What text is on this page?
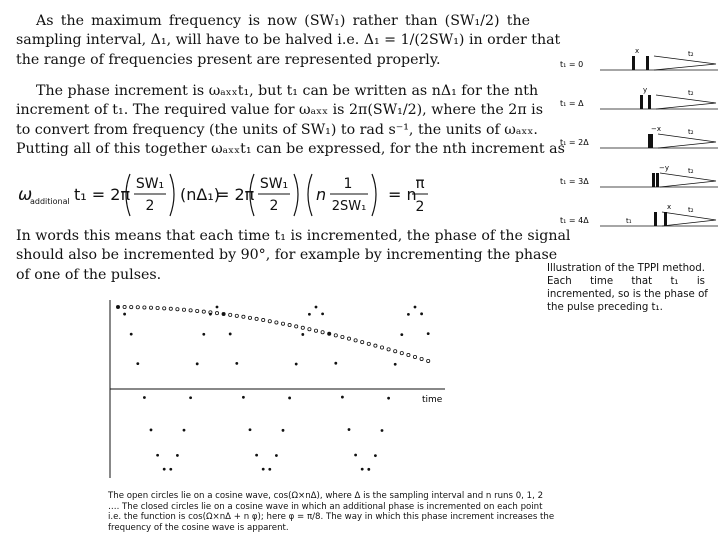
As the maximum frequency is now (SW₁) rather than (SW₁/2) the
sampling interval, Δ₁, will have to be halved i.e. Δ₁ = 1/(2SW₁) in order that
the range of frequencies present are represented properly.
The phase increment is ωₐₓₓt₁, but t₁ can be written as nΔ₁ for the nth
increment of t₁. The required value for ωₐₓₓ is 2π(SW₁/2), where the 2π is
to convert from frequency (the units of SW₁) to rad s⁻¹, the units of ωₐₓₓ.
Putting all of this together ωₐₓₓt₁ can be expressed, for the nth increment as
ω
additional t₁ = 2π
SW₁
2
(nΔ₁)
= 2π
SW₁
2
n
1
2SW₁
= n
π
2
In words this means that each time t₁ is incremented, the phase of the signal
should also be incremented by 90°, for example by incrementing the phase
of one of the pulses.
t₁ = 0
x	t₂
t₁ = Δ
y	t₂
t₁ = 2Δ
−x	t₂
t₁ = 3Δ
−y	t₂
t₁ = 4Δ
x t₂
t₁
Illustration of the TPPI method.
Each time that t₁ is
incremented, so is the phase of
the pulse preceding t₁.
time
The open circles lie on a cosine wave, cos(Ω×nΔ), where Δ is the sampling interval and n runs 0, 1, 2
…. The closed circles lie on a cosine wave in which an additional phase is incremented on each point
i.e. the function is cos(Ω×nΔ + n φ); here φ = π/8. The way in which this phase increment increases the
frequency of the cosine wave is apparent.
